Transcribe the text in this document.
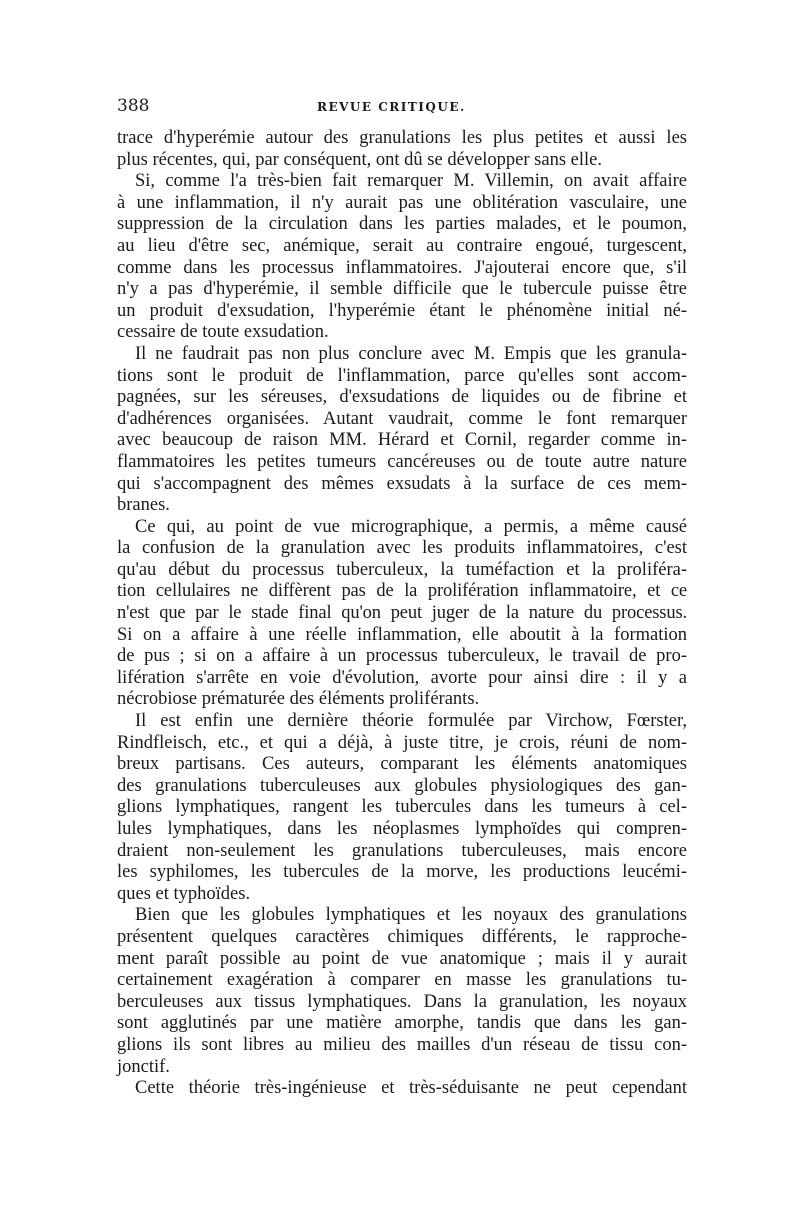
388	REVUE CRITIQUE.
trace d'hyperémie autour des granulations les plus petites et aussi les
plus récentes, qui, par conséquent, ont dû se développer sans elle.
Si, comme l'a très-bien fait remarquer M. Villemin, on avait affaire
à une inflammation, il n'y aurait pas une oblitération vasculaire, une
suppression de la circulation dans les parties malades, et le poumon,
au lieu d'être sec, anémique, serait au contraire engoué, turgescent,
comme dans les processus inflammatoires. J'ajouterai encore que, s'il
n'y a pas d'hyperémie, il semble difficile que le tubercule puisse être
un produit d'exsudation, l'hyperémie étant le phénomène initial né-
cessaire de toute exsudation.
Il ne faudrait pas non plus conclure avec M. Empis que les granula-
tions sont le produit de l'inflammation, parce qu'elles sont accom-
pagnées, sur les séreuses, d'exsudations de liquides ou de fibrine et
d'adhérences organisées. Autant vaudrait, comme le font remarquer
avec beaucoup de raison MM. Hérard et Cornil, regarder comme in-
flammatoires les petites tumeurs cancéreuses ou de toute autre nature
qui s'accompagnent des mêmes exsudats à la surface de ces mem-
branes.
Ce qui, au point de vue micrographique, a permis, a même causé
la confusion de la granulation avec les produits inflammatoires, c'est
qu'au début du processus tuberculeux, la tuméfaction et la proliféra-
tion cellulaires ne diffèrent pas de la prolifération inflammatoire, et ce
n'est que par le stade final qu'on peut juger de la nature du processus.
Si on a affaire à une réelle inflammation, elle aboutit à la formation
de pus ; si on a affaire à un processus tuberculeux, le travail de pro-
lifération s'arrête en voie d'évolution, avorte pour ainsi dire : il y a
nécrobiose prématurée des éléments proliférants.
Il est enfin une dernière théorie formulée par Virchow, Fœrster,
Rindfleisch, etc., et qui a déjà, à juste titre, je crois, réuni de nom-
breux partisans. Ces auteurs, comparant les éléments anatomiques
des granulations tuberculeuses aux globules physiologiques des gan-
glions lymphatiques, rangent les tubercules dans les tumeurs à cel-
lules lymphatiques, dans les néoplasmes lymphoïdes qui compren-
draient non-seulement les granulations tuberculeuses, mais encore
les syphilomes, les tubercules de la morve, les productions leucémi-
ques et typhoïdes.
Bien que les globules lymphatiques et les noyaux des granulations
présentent quelques caractères chimiques différents, le rapproche-
ment paraît possible au point de vue anatomique ; mais il y aurait
certainement exagération à comparer en masse les granulations tu-
berculeuses aux tissus lymphatiques. Dans la granulation, les noyaux
sont agglutinés par une matière amorphe, tandis que dans les gan-
glions ils sont libres au milieu des mailles d'un réseau de tissu con-
jonctif.
Cette théorie très-ingénieuse et très-séduisante ne peut cependant
